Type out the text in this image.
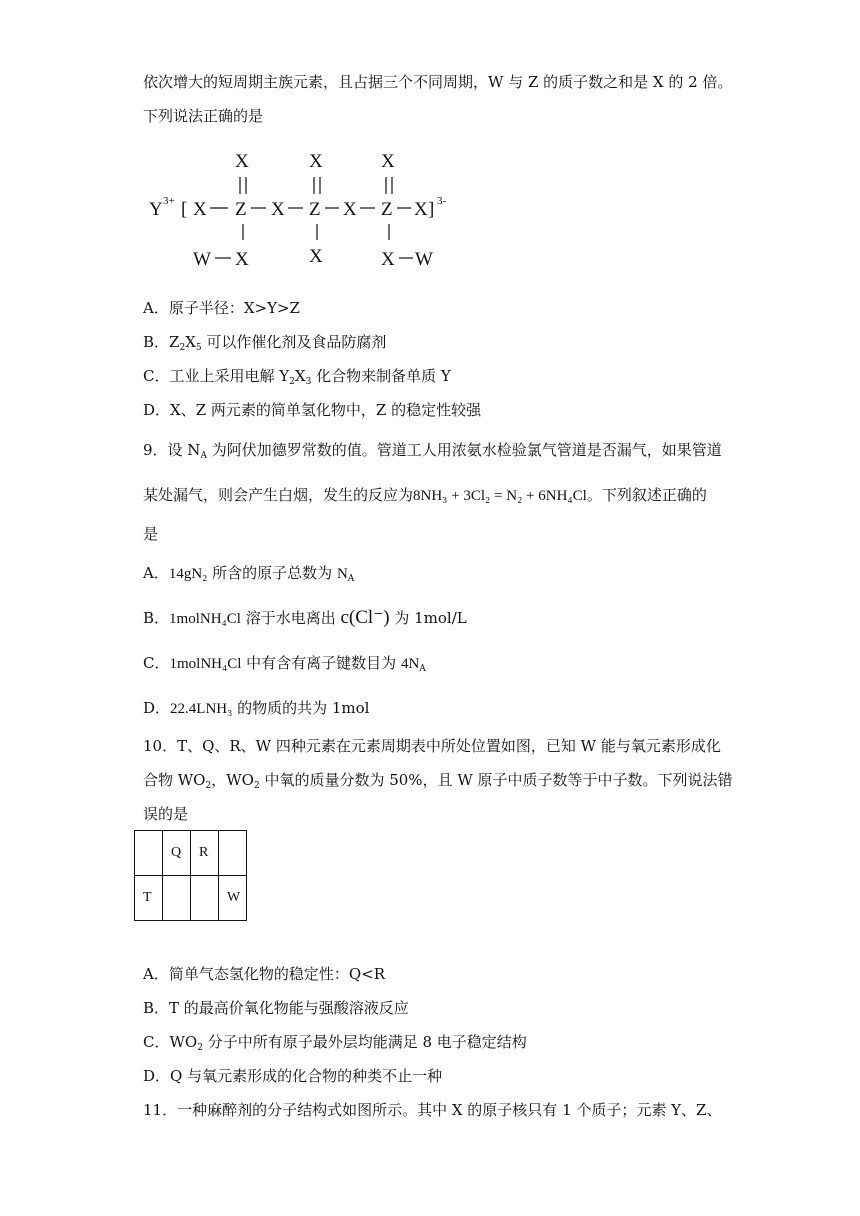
依次增大的短周期主族元素，且占据三个不同周期，W 与 Z 的质子数之和是 X 的 2 倍。
下列说法正确的是
X	X	X
Y 3+ [ X Z X Z X Z X ] 3-
W X	X	X W
A．原子半径：X>Y>Z
B．$Z_2X_5$ 可以作催化剂及食品防腐剂
C．工业上采用电解 $Y_2X_3$ 化合物来制备单质 Y
D．X、Z 两元素的简单氢化物中，Z 的稳定性较强
9．设 $N_A$ 为阿伏加德罗常数的值。管道工人用浓氨水检验氯气管道是否漏气，如果管道
某处漏气，则会产生白烟，发生的反应为8NH₃ + 3Cl₂ = N₂ + 6NH₄Cl。下列叙述正确的
是
A．14gN₂ 所含的原子总数为 $N_A$
B．1molNH₄Cl 溶于水电离出 c(Cl⁻) 为 1mol/L
C．1molNH₄Cl 中有含有离子键数目为 $4N_A$
D．22.4LNH₃ 的物质的共为 1mol
10．T、Q、R、W 四种元素在元素周期表中所处位置如图，已知 W 能与氧元素形成化
合物 $WO_2$，$WO_2$ 中氧的质量分数为 50%，且 W 原子中质子数等于中子数。下列说法错
误的是
	Q	R	
T			W
A．简单气态氢化物的稳定性：Q<R
B．T 的最高价氧化物能与强酸溶液反应
C．$WO_2$ 分子中所有原子最外层均能满足 8 电子稳定结构
D．Q 与氧元素形成的化合物的种类不止一种
11．一种麻醉剂的分子结构式如图所示。其中 X 的原子核只有 1 个质子；元素 Y、Z、
